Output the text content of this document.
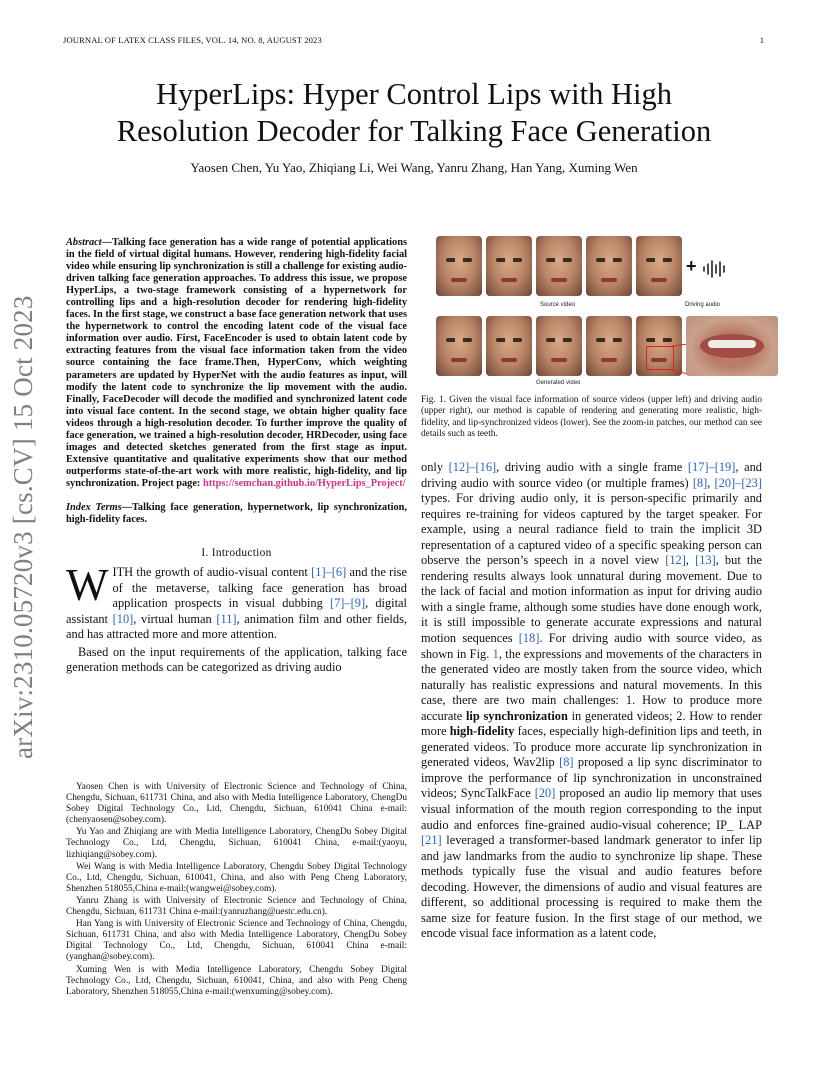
JOURNAL OF LATEX CLASS FILES, VOL. 14, NO. 8, AUGUST 2023	1
HyperLips: Hyper Control Lips with High
Resolution Decoder for Talking Face Generation
Yaosen Chen, Yu Yao, Zhiqiang Li, Wei Wang, Yanru Zhang, Han Yang, Xuming Wen
arXiv:2310.05720v3 [cs.CV] 15 Oct 2023

Abstract—Talking face generation has a wide range of potential applications in the field of virtual digital humans. However, rendering high-fidelity facial video while ensuring lip synchronization is still a challenge for existing audio-driven talking face generation approaches. To address this issue, we propose HyperLips, a two-stage framework consisting of a hypernetwork for controlling lips and a high-resolution decoder for rendering high-fidelity faces. In the first stage, we construct a base face generation network that uses the hypernetwork to control the encoding latent code of the visual face information over audio. First, FaceEncoder is used to obtain latent code by extracting features from the visual face information taken from the video source containing the face frame.Then, HyperConv, which weighting parameters are updated by HyperNet with the audio features as input, will modify the latent code to synchronize the lip movement with the audio. Finally, FaceDecoder will decode the modified and synchronized latent code into visual face content. In the second stage, we obtain higher quality face videos through a high-resolution decoder. To further improve the quality of face generation, we trained a high-resolution decoder, HRDecoder, using face images and detected sketches generated from the first stage as input. Extensive quantitative and qualitative experiments show that our method outperforms state-of-the-art work with more realistic, high-fidelity, and lip synchronization. Project page: https://semchan.github.io/HyperLips_Project/

Index Terms—Talking face generation, hypernetwork, lip synchronization, high-fidelity faces.

I. Introduction

WITH the growth of audio-visual content [1]–[6] and the rise of the metaverse, talking face generation has broad application prospects in visual dubbing [7]–[9], digital assistant [10], virtual human [11], animation film and other fields, and has attracted more and more attention.

Based on the input requirements of the application, talking face generation methods can be categorized as driving audio

Yaosen Chen is with University of Electronic Science and Technology of China, Chengdu, Sichuan, 611731 China, and also with Media Intelligence Laboratory, ChengDu Sobey Digital Technology Co., Ltd, Chengdu, Sichuan, 610041 China e-mail: (chenyaosen@sobey.com).

Yu Yao and Zhiqiang are with Media Intelligence Laboratory, ChengDu Sobey Digital Technology Co., Ltd, Chengdu, Sichuan, 610041 China, e-mail:(yaoyu, lizhiqiang@sobey.com).

Wei Wang is with Media Intelligence Laboratory, Chengdu Sobey Digital Technology Co., Ltd, Chengdu, Sichuan, 610041, China, and also with Peng Cheng Laboratory, Shenzhen 518055,China e-mail:(wangwei@sobey.com).

Yanru Zhang is with University of Electronic Science and Technology of China, Chengdu, Sichuan, 611731 China e-mail:(yanruzhang@uestc.edu.cn).

Han Yang is with University of Electronic Science and Technology of China, Chengdu, Sichuan, 611731 China, and also with Media Intelligence Laboratory, ChengDu Sobey Digital Technology Co., Ltd, Chengdu, Sichuan, 610041 China e-mail: (yanghan@sobey.com).

Xuming Wen is with Media Intelligence Laboratory, Chengdu Sobey Digital Technology Co., Ltd, Chengdu, Sichuan, 610041, China, and also with Peng Cheng Laboratory, Shenzhen 518055,China e-mail:(wenxuming@sobey.com).

+
Source video	Driving audio
Generated video

Fig. 1. Given the visual face information of source videos (upper left) and driving audio (upper right), our method is capable of rendering and generating more realistic, high-fidelity, and lip-synchronized videos (lower). See the zoom-in patches, our method can see details such as teeth.

only [12]–[16], driving audio with a single frame [17]–[19], and driving audio with source video (or multiple frames) [8], [20]–[23] types. For driving audio only, it is person-specific primarily and requires re-training for videos captured by the target speaker. For example, using a neural radiance field to train the implicit 3D representation of a captured video of a specific speaking person can observe the person’s speech in a novel view [12], [13], but the rendering results always look unnatural during movement. Due to the lack of facial and motion information as input for driving audio with a single frame, although some studies have done enough work, it is still impossible to generate accurate expressions and natural motion sequences [18]. For driving audio with source video, as shown in Fig. 1, the expressions and movements of the characters in the generated video are mostly taken from the source video, which naturally has realistic expressions and natural movements. In this case, there are two main challenges: 1. How to produce more accurate lip synchronization in generated videos; 2. How to render more high-fidelity faces, especially high-definition lips and teeth, in generated videos. To produce more accurate lip synchronization in generated videos, Wav2lip [8] proposed a lip sync discriminator to improve the performance of lip synchronization in unconstrained videos; SyncTalkFace [20] proposed an audio lip memory that uses visual information of the mouth region corresponding to the input audio and enforces fine-grained audio-visual coherence; IP_ LAP [21] leveraged a transformer-based landmark generator to infer lip and jaw landmarks from the audio to synchronize lip shape. These methods typically fuse the visual and audio features before decoding. However, the dimensions of audio and visual features are different, so additional processing is required to make them the same size for feature fusion. In the first stage of our method, we encode visual face information as a latent code,
